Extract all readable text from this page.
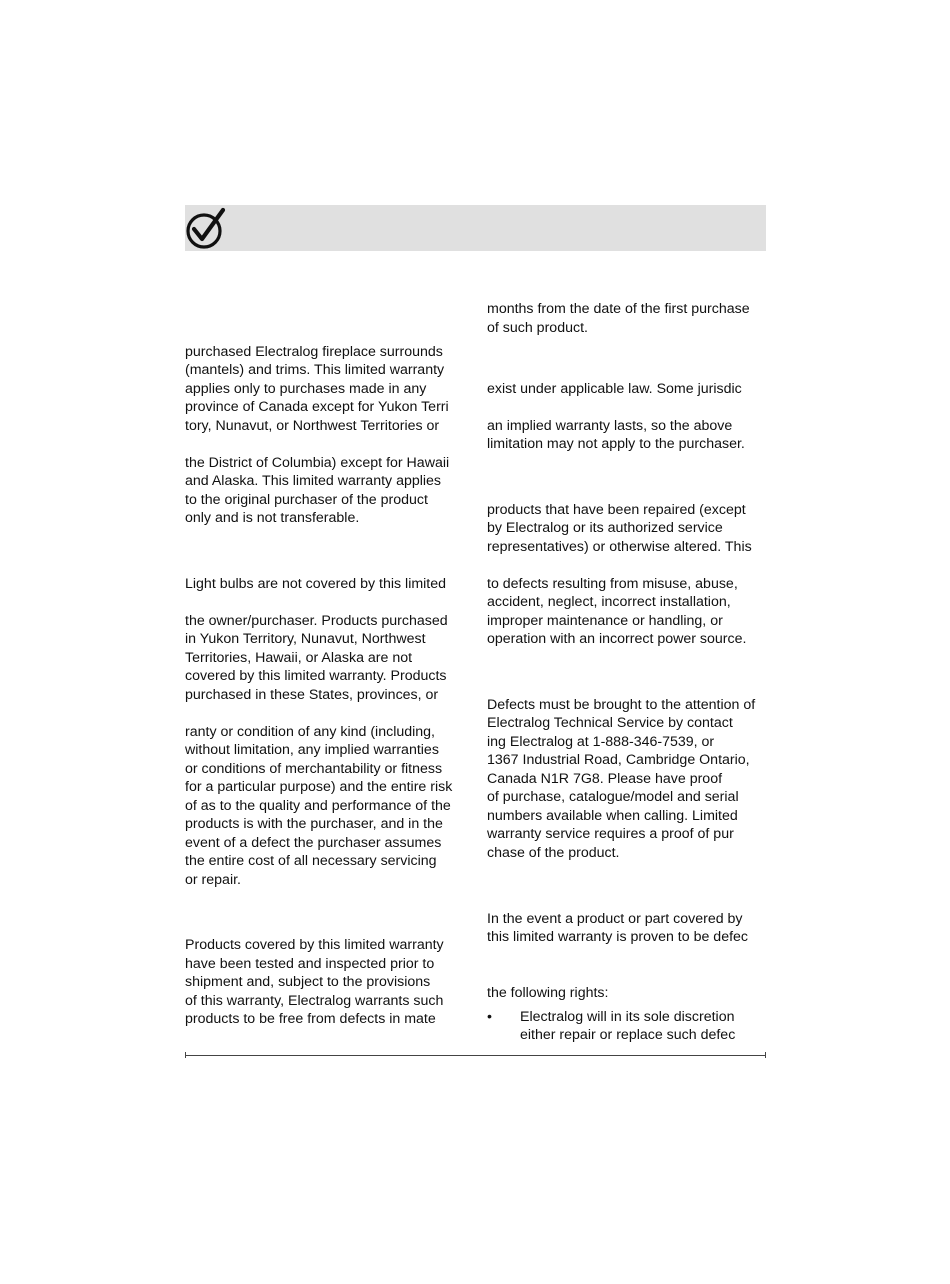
purchased Electralog fireplace surrounds
(mantels) and trims. This limited warranty
applies only to purchases made in any
province of Canada except for Yukon Terri
tory, Nunavut, or Northwest Territories or
the District of Columbia) except for Hawaii
and Alaska. This limited warranty applies
to the original purchaser of the product
only and is not transferable.
Light bulbs are not covered by this limited
the owner/purchaser. Products purchased
in Yukon Territory, Nunavut, Northwest
Territories, Hawaii, or Alaska are not
covered by this limited warranty. Products
purchased in these States, provinces, or
ranty or condition of any kind (including,
without limitation, any implied warranties
or conditions of merchantability or fitness
for a particular purpose) and the entire risk
of as to the quality and performance of the
products is with the purchaser, and in the
event of a defect the purchaser assumes
the entire cost of all necessary servicing
or repair.
Products covered by this limited warranty
have been tested and inspected prior to
shipment and, subject to the provisions
of this warranty, Electralog warrants such
products to be free from defects in mate
months from the date of the first purchase
of such product.
exist under applicable law. Some jurisdic
an implied warranty lasts, so the above
limitation may not apply to the purchaser.
products that have been repaired (except
by Electralog or its authorized service
representatives) or otherwise altered. This
to defects resulting from misuse, abuse,
accident, neglect, incorrect installation,
improper maintenance or handling, or
operation with an incorrect power source.
Defects must be brought to the attention of
Electralog Technical Service by contact
ing Electralog at 1-888-346-7539, or
1367 Industrial Road, Cambridge Ontario,
Canada N1R 7G8. Please have proof
of purchase, catalogue/model and serial
numbers available when calling. Limited
warranty service requires a proof of pur
chase of the product.
In the event a product or part covered by
this limited warranty is proven to be defec
the following rights:
• Electralog will in its sole discretion
either repair or replace such defec
